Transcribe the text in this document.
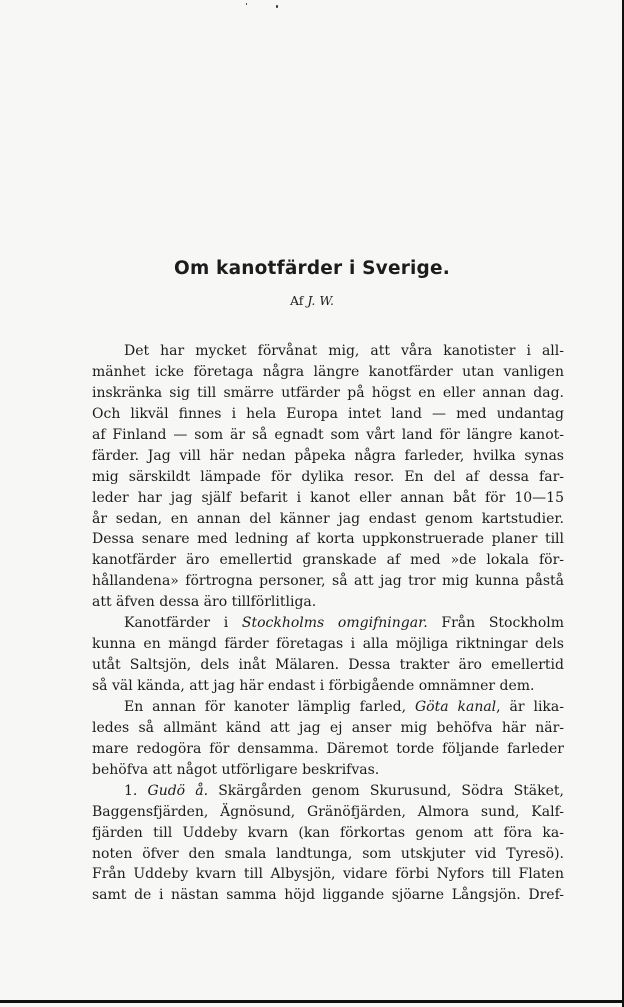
Om kanotfärder i Sverige.

Af J. W.

Det har mycket förvånat mig, att våra kanotister i all-
mänhet icke företaga några längre kanotfärder utan vanligen
inskränka sig till smärre utfärder på högst en eller annan dag.
Och likväl finnes i hela Europa intet land — med undantag
af Finland — som är så egnadt som vårt land för längre kanot-
färder. Jag vill här nedan påpeka några farleder, hvilka synas
mig särskildt lämpade för dylika resor. En del af dessa far-
leder har jag själf befarit i kanot eller annan båt för 10—15
år sedan, en annan del känner jag endast genom kartstudier.
Dessa senare med ledning af korta uppkonstruerade planer till
kanotfärder äro emellertid granskade af med »de lokala för-
hållandena» förtrogna personer, så att jag tror mig kunna påstå
att äfven dessa äro tillförlitliga.
Kanotfärder i Stockholms omgifningar. Från Stockholm
kunna en mängd färder företagas i alla möjliga riktningar dels
utåt Saltsjön, dels inåt Mälaren. Dessa trakter äro emellertid
så väl kända, att jag här endast i förbigående omnämner dem.
En annan för kanoter lämplig farled, Göta kanal, är lika-
ledes så allmänt känd att jag ej anser mig behöfva här när-
mare redogöra för densamma. Däremot torde följande farleder
behöfva att något utförligare beskrifvas.
1. Gudö å. Skärgården genom Skurusund, Södra Stäket,
Baggensfjärden, Ägnösund, Gränöfjärden, Almora sund, Kalf-
fjärden till Uddeby kvarn (kan förkortas genom att föra ka-
noten öfver den smala landtunga, som utskjuter vid Tyresö).
Från Uddeby kvarn till Albysjön, vidare förbi Nyfors till Flaten
samt de i nästan samma höjd liggande sjöarne Långsjön. Dref-
